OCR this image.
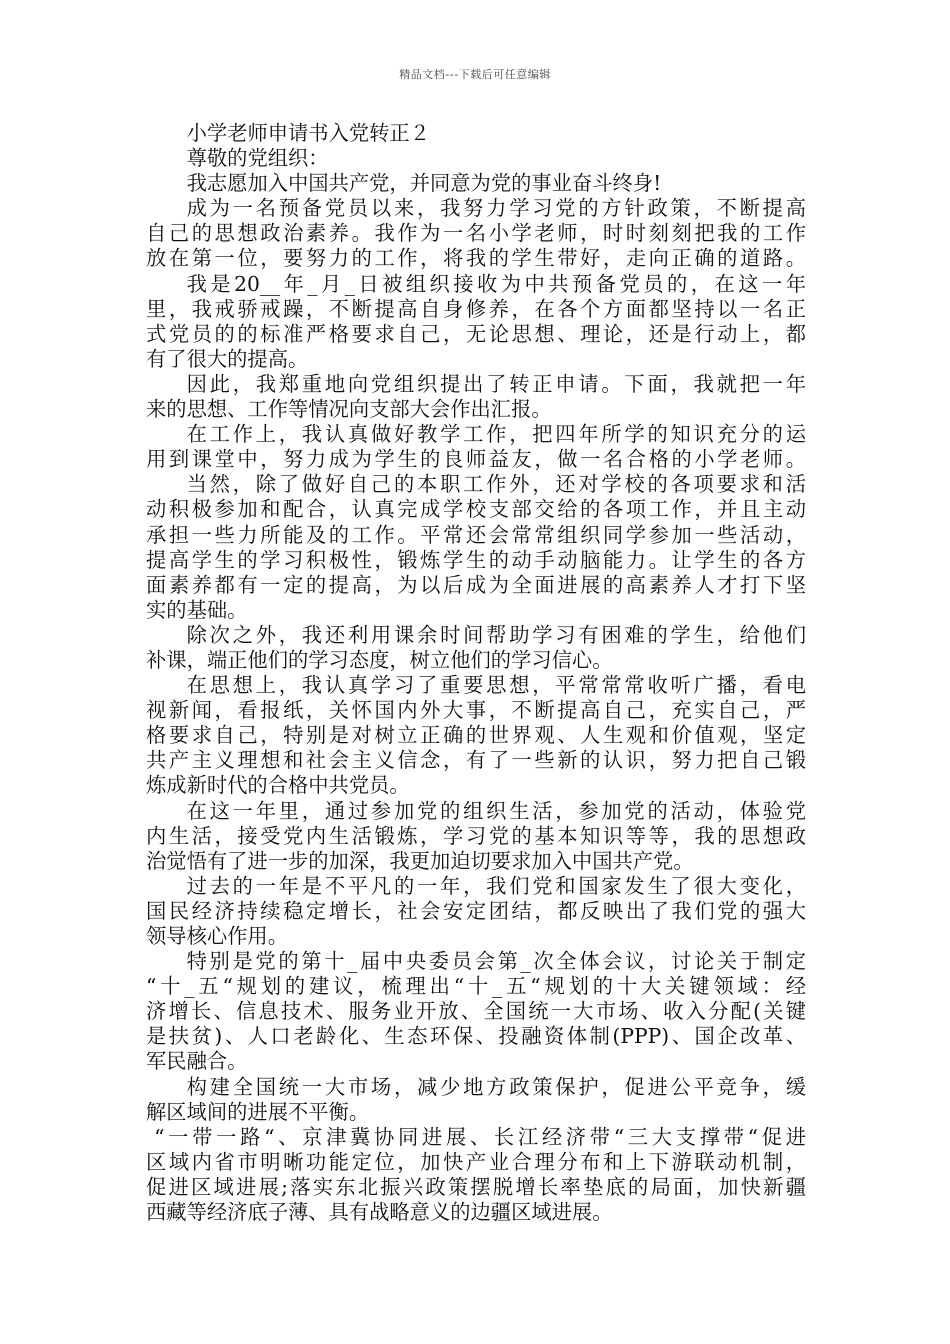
精品文档---下载后可任意编辑
小学老师申请书入党转正２
尊敬的党组织：
我志愿加入中国共产党，并同意为党的事业奋斗终身!
成为一名预备党员以来，我努力学习党的方针政策，不断提高
自己的思想政治素养。我作为一名小学老师，时时刻刻把我的工作
放在第一位，要努力的工作，将我的学生带好，走向正确的道路。
我是20__年_月_日被组织接收为中共预备党员的，在这一年
里，我戒骄戒躁，不断提高自身修养，在各个方面都坚持以一名正
式党员的的标准严格要求自己，无论思想、理论，还是行动上，都
有了很大的提高。
因此，我郑重地向党组织提出了转正申请。下面，我就把一年
来的思想、工作等情况向支部大会作出汇报。
在工作上，我认真做好教学工作，把四年所学的知识充分的运
用到课堂中，努力成为学生的良师益友，做一名合格的小学老师。
当然，除了做好自己的本职工作外，还对学校的各项要求和活
动积极参加和配合，认真完成学校支部交给的各项工作，并且主动
承担一些力所能及的工作。平常还会常常组织同学参加一些活动，
提高学生的学习积极性，锻炼学生的动手动脑能力。让学生的各方
面素养都有一定的提高，为以后成为全面进展的高素养人才打下坚
实的基础。
除次之外，我还利用课余时间帮助学习有困难的学生，给他们
补课，端正他们的学习态度，树立他们的学习信心。
在思想上，我认真学习了重要思想，平常常常收听广播，看电
视新闻，看报纸，关怀国内外大事，不断提高自己，充实自己，严
格要求自己，特别是对树立正确的世界观、人生观和价值观，坚定
共产主义理想和社会主义信念，有了一些新的认识，努力把自己锻
炼成新时代的合格中共党员。
在这一年里，通过参加党的组织生活，参加党的活动，体验党
内生活，接受党内生活锻炼，学习党的基本知识等等，我的思想政
治觉悟有了进一步的加深，我更加迫切要求加入中国共产党。
过去的一年是不平凡的一年，我们党和国家发生了很大变化，
国民经济持续稳定增长，社会安定团结，都反映出了我们党的强大
领导核心作用。
特别是党的第十_届中央委员会第_次全体会议，讨论关于制定
“十_五“规划的建议，梳理出“十_五“规划的十大关键领域：经
济增长、信息技术、服务业开放、全国统一大市场、收入分配(关键
是扶贫)、人口老龄化、生态环保、投融资体制(PPP)、国企改革、
军民融合。
构建全国统一大市场，减少地方政策保护，促进公平竞争，缓
解区域间的进展不平衡。
“一带一路“、京津冀协同进展、长江经济带“三大支撑带“促进
区域内省市明晰功能定位，加快产业合理分布和上下游联动机制，
促进区域进展;落实东北振兴政策摆脱增长率垫底的局面，加快新疆
西藏等经济底子薄、具有战略意义的边疆区域进展。
